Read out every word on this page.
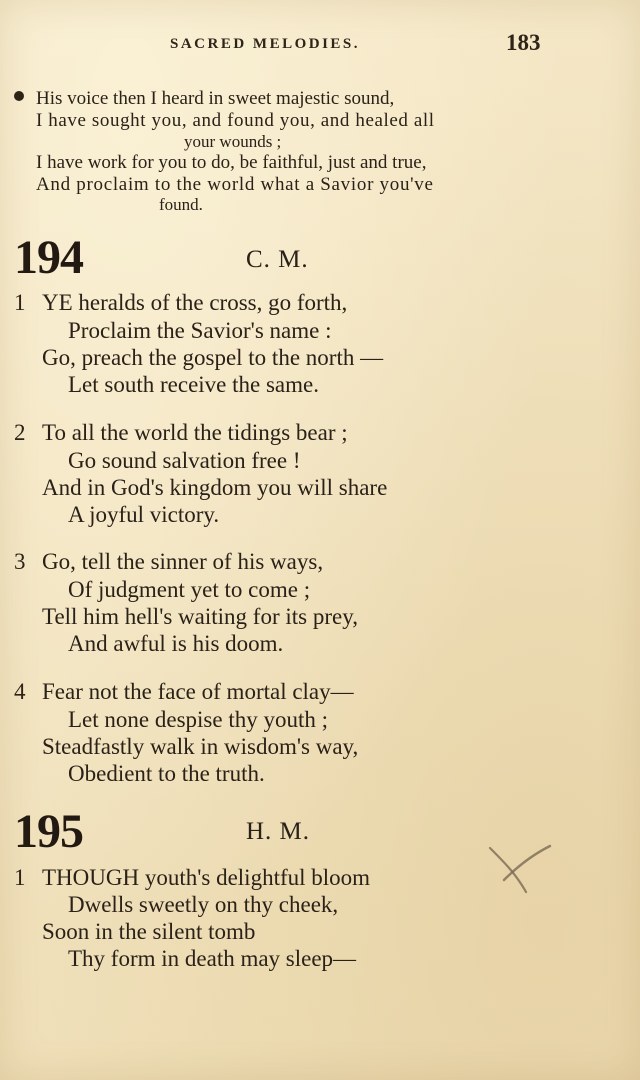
SACRED MELODIES.	183
His voice then I heard in sweet majestic sound,
I have sought you, and found you, and healed all
your wounds ;
I have work for you to do, be faithful, just and true,
And proclaim to the world what a Savior you've
found.
194	C. M.
1 YE heralds of the cross, go forth,
Proclaim the Savior's name :
Go, preach the gospel to the north —
Let south receive the same.
2 To all the world the tidings bear ;
Go sound salvation free !
And in God's kingdom you will share
A joyful victory.
3 Go, tell the sinner of his ways,
Of judgment yet to come ;
Tell him hell's waiting for its prey,
And awful is his doom.
4 Fear not the face of mortal clay—
Let none despise thy youth ;
Steadfastly walk in wisdom's way,
Obedient to the truth.
195	H. M.
1 THOUGH youth's delightful bloom
Dwells sweetly on thy cheek,
Soon in the silent tomb
Thy form in death may sleep—
